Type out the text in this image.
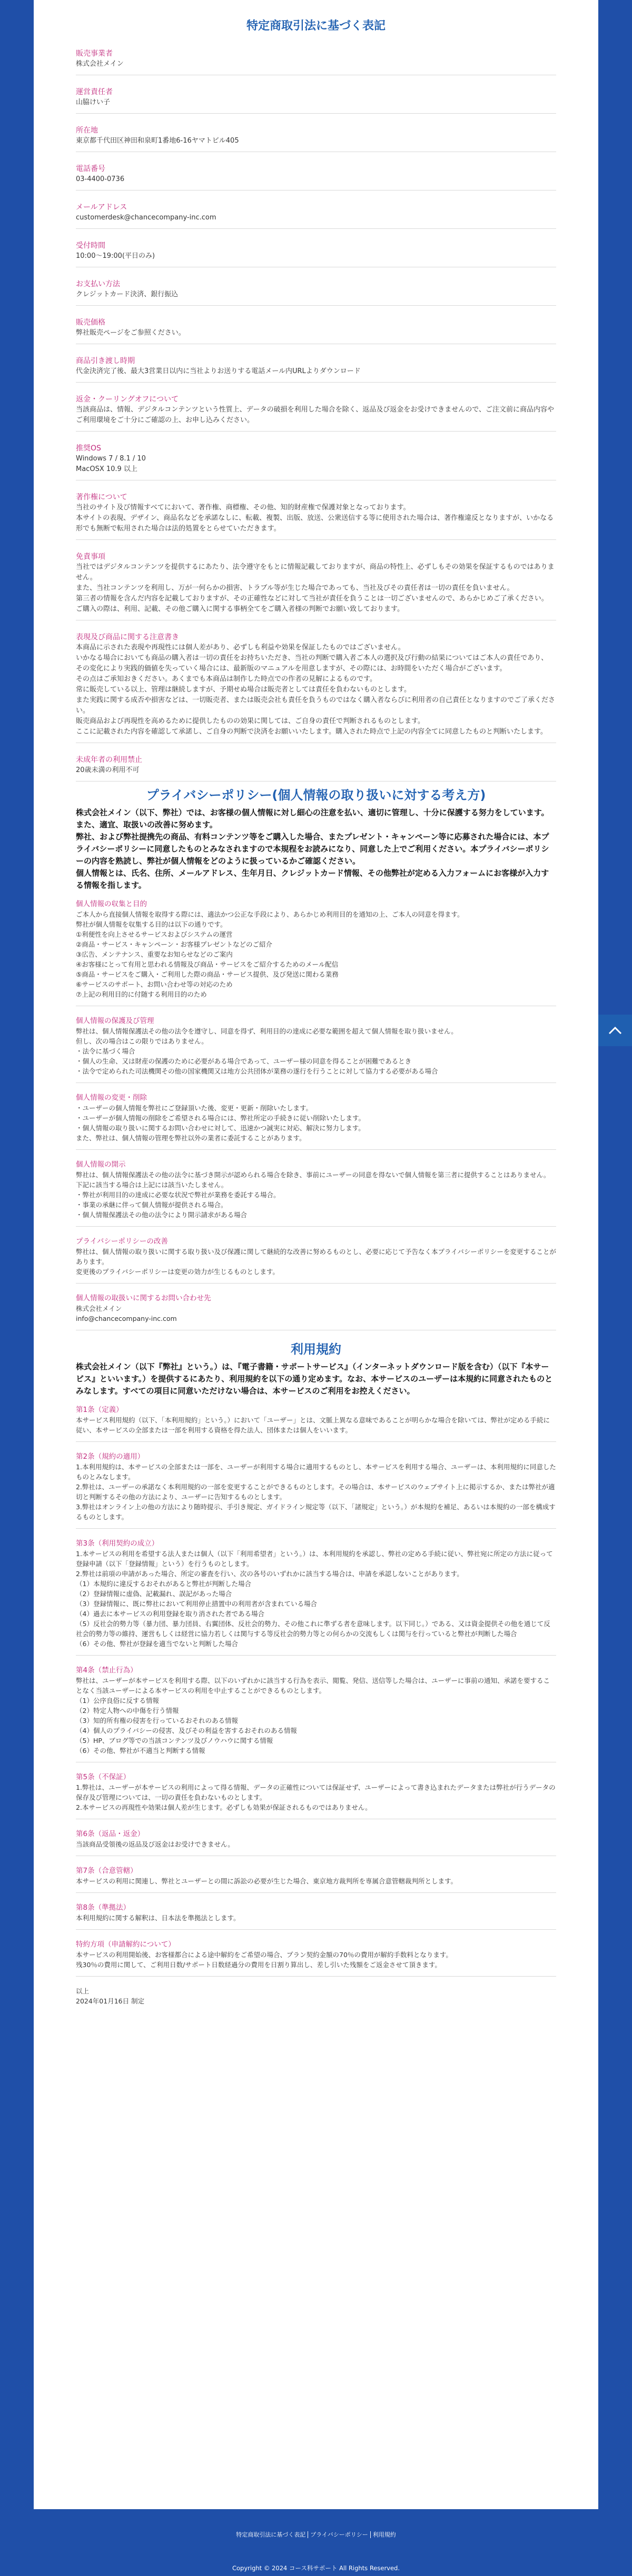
特定商取引法に基づく表記
販売事業者
株式会社メイン
運営責任者
山脇けい子
所在地
東京都千代田区神田和泉町1番地6-16ヤマトビル405
電話番号
03-4400-0736
メールアドレス
customerdesk@chancecompany-inc.com
受付時間
10:00～19:00(平日のみ)
お支払い方法
クレジットカード決済、銀行振込
販売価格
弊社販売ページをご参照ください。
商品引き渡し時期
代金決済完了後、最大3営業日以内に当社よりお送りする電話メール内URLよりダウンロード
返金・クーリングオフについて
当該商品は、情報、デジタルコンテンツという性質上、データの破損を利用した場合を除く、返品及び返金をお受けできませんので、ご注文前に商品内容やご利用環境をご十分にご確認の上、お申し込みください。
推奨OS
Windows 7 / 8.1 / 10
MacOSX 10.9 以上
著作権について
当社のサイト及び情報すべてにおいて、著作権、商標権、その他、知的財産権で保護対象となっております。
本サイトの表現、デザイン、商品名などを承諾なしに、転載、複製、出版、放送、公衆送信する等に使用された場合は、著作権違反となりますが、いかなる形でも無断で転用された場合は法的処置をとらせていただきます。
免責事項
当社ではデジタルコンテンツを提供するにあたり、法令遵守をもとに情報記載しておりますが、商品の特性上、必ずしもその効果を保証するものではありません。
また、当社コンテンツを利用し、万が一何らかの損害、トラブル等が生じた場合であっても、当社及びその責任者は一切の責任を負いません。
第三者の情報を含んだ内容を記載しておりますが、その正確性などに対して当社が責任を負うことは一切ございませんので、あらかじめご了承ください。
ご購入の際は、利用、記載、その他ご購入に関する事柄全てをご購入者様の判断でお願い致しております。
表現及び商品に関する注意書き
本商品に示された表現や再現性には個人差があり、必ずしも利益や効果を保証したものではございません。
いかなる場合においても商品の購入者は一切の責任をお持ちいただき、当社の判断で購入者ご本人の選択及び行動の結果についてはご本人の責任であり、
その変化により実践的価値を失っていく場合には、最新版のマニュアルを用意しますが、その際には、お時間をいただく場合がございます。
その点はご承知おきください。あくまでも本商品は制作した時点での作者の見解によるものです。
常に販売している以上、管理は継続しますが、予期せぬ場合は販売者としては責任を負わないものとします。
また実践に関する成否や損害などは、一切販売者、または販売会社も責任を負うものではなく購入者ならびに利用者の自己責任となりますのでご了承ください。
販売商品および再現性を高めるために提供したものの効果に関しては、ご自身の責任で判断されるものとします。
ここに記載された内容を確認して承諾し、ご自身の判断で決済をお願いいたします。購入された時点で上記の内容全てに同意したものと判断いたします。
未成年者の利用禁止
20歳未満の利用不可
プライバシーポリシー(個人情報の取り扱いに対する考え方)
株式会社メイン（以下、弊社）では、お客様の個人情報に対し細心の注意を払い、適切に管理し、十分に保護する努力をしています。また、適宜、取扱いの改善に努めます。
弊社、および弊社提携先の商品、有料コンテンツ等をご購入した場合、またプレゼント・キャンペーン等に応募された場合には、本プライバシーポリシーに同意したものとみなされますので本規程をお読みになり、同意した上でご利用ください。本プライバシーポリシーの内容を熟読し、弊社が個人情報をどのように扱っているかご確認ください。
個人情報とは、氏名、住所、メールアドレス、生年月日、クレジットカード情報、その他弊社が定める入力フォームにお客様が入力する情報を指します。
個人情報の収集と目的
ご本人から直接個人情報を取得する際には、適法かつ公正な手段により、あらかじめ利用目的を通知の上、ご本人の同意を得ます。
弊社が個人情報を収集する目的は以下の通りです。
①利便性を向上させるサービスおよびシステムの運営
②商品・サービス・キャンペーン・お客様プレゼントなどのご紹介
③広告、メンテナンス、重要なお知らせなどのご案内
④お客様にとって有用と思われる情報及び商品・サービスをご紹介するためのメール配信
⑤商品・サービスをご購入・ご利用した際の商品・サービス提供、及び発送に関わる業務
⑥サービスのサポート、お問い合わせ等の対応のため
⑦上記の利用目的に付随する利用目的のため
個人情報の保護及び管理
弊社は、個人情報保護法その他の法令を遵守し、同意を得ず、利用目的の達成に必要な範囲を超えて個人情報を取り扱いません。
但し、次の場合はこの限りではありません。
・法令に基づく場合
・個人の生命、又は財産の保護のために必要がある場合であって、ユーザー様の同意を得ることが困難であるとき
・法令で定められた司法機関その他の国家機関又は地方公共団体が業務の遂行を行うことに対して協力する必要がある場合
個人情報の変更・削除
・ユーザーの個人情報を弊社にご登録頂いた後、変更・更新・削除いたします。
・ユーザーが個人情報の削除をご希望される場合には、弊社所定の手続きに従い削除いたします。
・個人情報の取り扱いに関するお問い合わせに対して、迅速かつ誠実に対応、解決に努力します。
また、弊社は、個人情報の管理を弊社以外の業者に委託することがあります。
個人情報の開示
弊社は、個人情報保護法その他の法令に基づき開示が認められる場合を除き、事前にユーザーの同意を得ないで個人情報を第三者に提供することはありません。
下記に該当する場合は上記には該当いたしません。
・弊社が利用目的の達成に必要な状況で弊社が業務を委託する場合。
・事業の承継に伴って個人情報が提供される場合。
・個人情報保護法その他の法令により開示請求がある場合
プライバシーポリシーの改善
弊社は、個人情報の取り扱いに関する取り扱い及び保護に関して継続的な改善に努めるものとし、必要に応じて予告なく本プライバシーポリシーを変更することがあります。
変更後のプライバシーポリシーは変更の効力が生じるものとします。
個人情報の取扱いに関するお問い合わせ先
株式会社メイン
info@chancecompany-inc.com
利用規約
株式会社メイン（以下『弊社』という。）は、『電子書籍・サポートサービス』（インターネットダウンロード版を含む）（以下『本サービス』といいます。）を提供するにあたり、利用規約を以下の通り定めます。なお、本サービスのユーザーは本規約に同意されたものとみなします。すべての項目に同意いただけない場合は、本サービスのご利用をお控えください。
第1条（定義）
本サービス利用規約（以下、「本利用規約」という。）において「ユーザー」とは、文脈上異なる意味であることが明らかな場合を除いては、弊社が定める手続に従い、本サービスの全部または一部を利用する資格を得た法人、団体または個人をいいます。
第2条（規約の適用）
1.本利用規約は、本サービスの全部または一部を、ユーザーが利用する場合に適用するものとし、本サービスを利用する場合、ユーザーは、本利用規約に同意したものとみなします。
2.弊社は、ユーザーの承諾なく本利用規約の一部を変更することができるものとします。その場合は、本サービスのウェブサイト上に掲示するか、または弊社が適切と判断するその他の方法により、ユーザーに告知するものとします。
3.弊社はオンライン上の他の方法により随時提示、手引き規定、ガイドライン規定等（以下、「諸規定」という。）が本規約を補足、あるいは本規約の一部を構成するものとします。
第3条（利用契約の成立）
1.本サービスの利用を希望する法人または個人（以下「利用希望者」という。）は、本利用規約を承認し、弊社の定める手続に従い、弊社宛に所定の方法に従って登録申請（以下「登録情報」という）を行うものとします。
2.弊社は前項の申請があった場合、所定の審査を行い、次の各号のいずれかに該当する場合は、申請を承認しないことがあります。
（1）本規約に違反するおそれがあると弊社が判断した場合
（2）登録情報に虚偽、記載漏れ、誤記があった場合
（3）登録情報に、既に弊社において利用停止措置中の利用者が含まれている場合
（4）過去に本サービスの利用登録を取り消された者である場合
（5）反社会的勢力等（暴力団、暴力団員、右翼団体、反社会的勢力、その他これに準ずる者を意味します。以下同じ。）である、又は資金提供その他を通じて反社会的勢力等の維持、運営もしくは経営に協力若しくは関与する等反社会的勢力等との何らかの交流もしくは関与を行っていると弊社が判断した場合
（6）その他、弊社が登録を適当でないと判断した場合
第4条（禁止行為）
弊社は、ユーザーが本サービスを利用する際、以下のいずれかに該当する行為を表示、閲覧、発信、送信等した場合は、ユーザーに事前の通知、承諾を要することなく当該ユーザーによる本サービスの利用を中止することができるものとします。
（1）公序良俗に反する情報
（2）特定人物への中傷を行う情報
（3）知的所有権の侵害を行っているおそれのある情報
（4）個人のプライバシーの侵害、及びその利益を害するおそれのある情報
（5）HP、ブログ等での当該コンテンツ及びノウハウに関する情報
（6）その他、弊社が不適当と判断する情報
第5条（不保証）
1.弊社は、ユーザーが本サービスの利用によって得る情報、データの正確性については保証せず、ユーザーによって書き込まれたデータまたは弊社が行うデータの保存及び管理については、一切の責任を負わないものとします。
2.本サービスの再現性や効果は個人差が生じます。必ずしも効果が保証されるものではありません。
第6条（返品・返金）
当該商品受領後の返品及び返金はお受けできません。
第7条（合意管轄）
本サービスの利用に関連し、弊社とユーザーとの間に訴訟の必要が生じた場合、東京地方裁判所を専属合意管轄裁判所とします。
第8条（準拠法）
本利用規約に関する解釈は、日本法を準拠法とします。
特約方項（申請解約について）
本サービスの利用開始後、お客様都合による途中解約をご希望の場合、プラン契約金額の70％の費用が解約手数料となります。
残30％の費用に関して、ご利用日数/サポート日数経過分の費用を日割り算出し、差し引いた残額をご返金させて頂きます。
以上
2024年01月16日 制定
特定商取引法に基づく表記 プライバシーポリシー 利用規約
Copyright © 2024 コース科サポート All Rights Reserved.
